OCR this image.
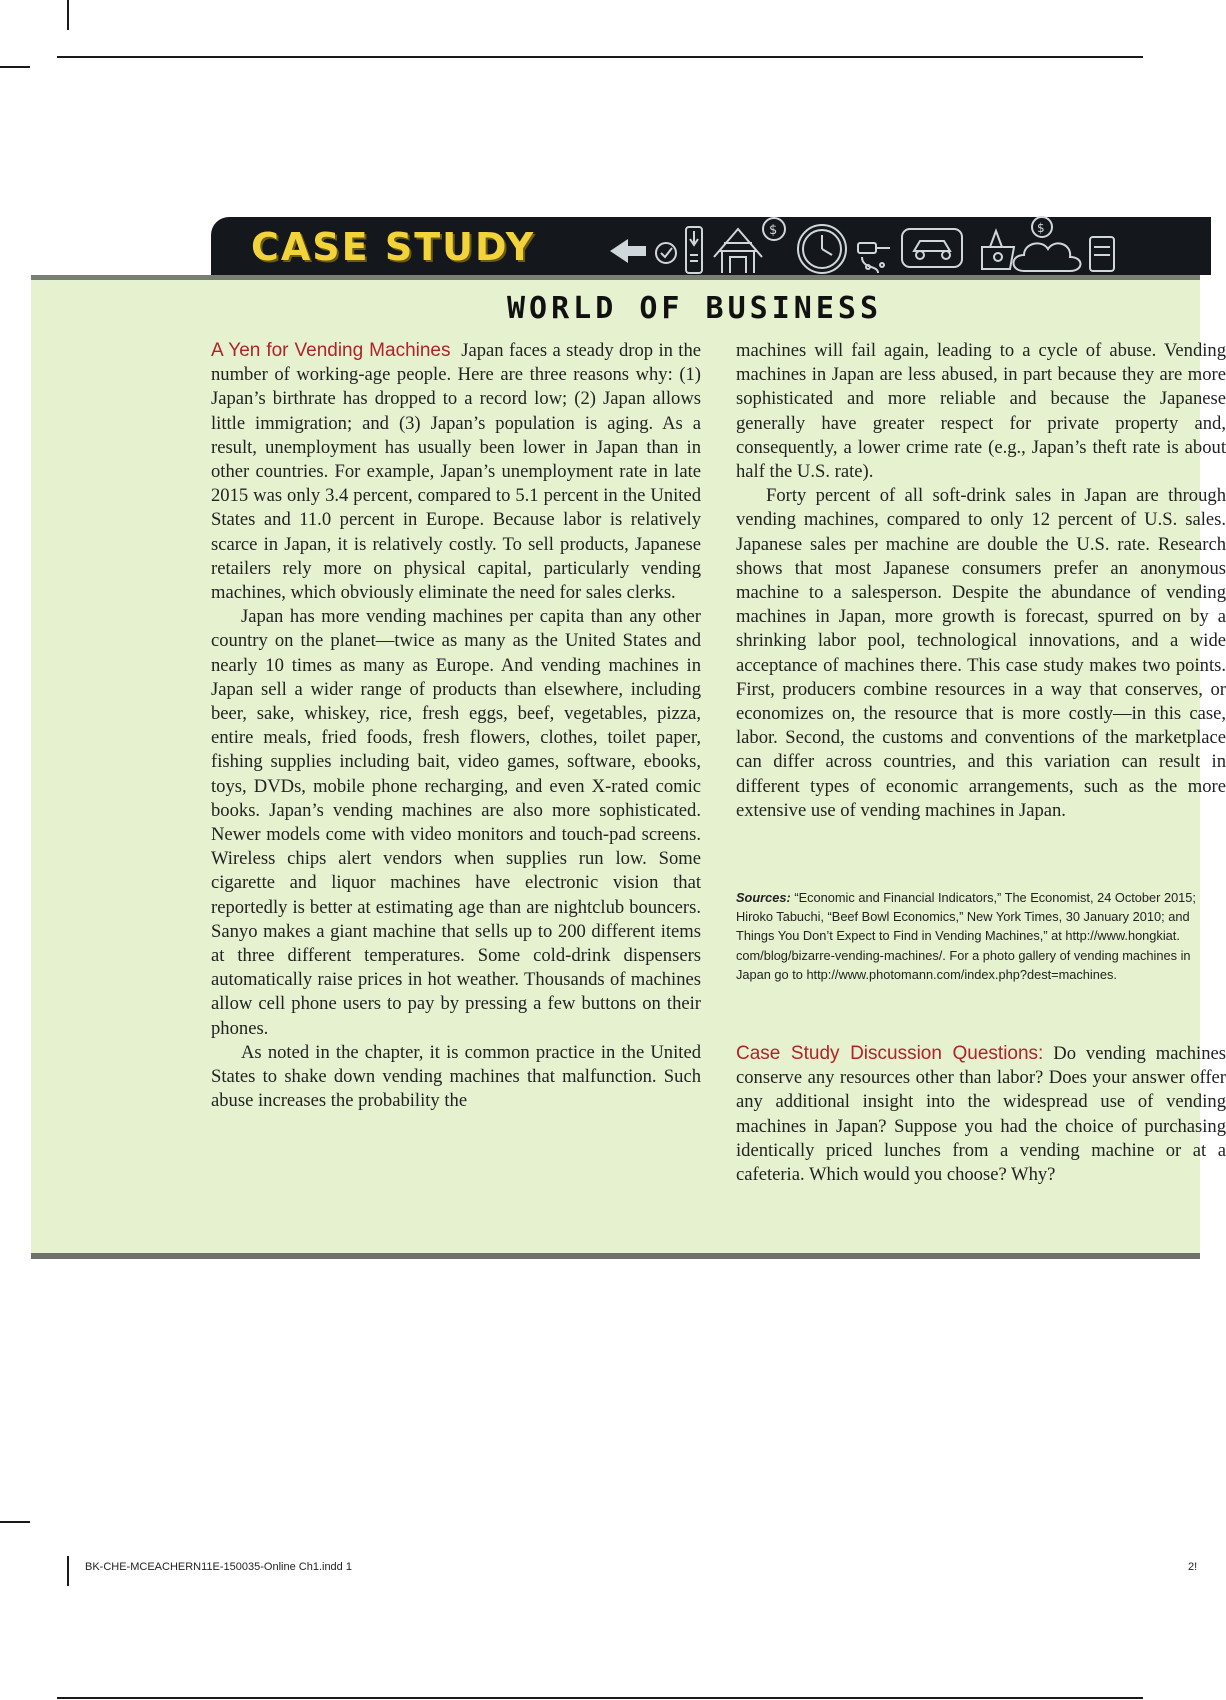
CASE STUDY	$	$
WORLD OF BUSINESS

A Yen for Vending Machines Japan faces a steady drop in the number of working-age people. Here are three reasons why: (1) Japan’s birthrate has dropped to a record low; (2) Japan allows little immigration; and (3) Japan’s population is aging. As a result, unemployment has usually been lower in Japan than in other countries. For example, Japan’s unemployment rate in late 2015 was only 3.4 percent, compared to 5.1 percent in the United States and 11.0 percent in Europe. Because labor is relatively scarce in Japan, it is relatively costly. To sell products, Japanese retailers rely more on physical capital, particularly vending machines, which obviously eliminate the need for sales clerks.

Japan has more vending machines per capita than any other country on the planet—twice as many as the United States and nearly 10 times as many as Europe. And vending machines in Japan sell a wider range of products than elsewhere, including beer, sake, whiskey, rice, fresh eggs, beef, vegetables, pizza, entire meals, fried foods, fresh flowers, clothes, toilet paper, fishing supplies including bait, video games, software, ebooks, toys, DVDs, mobile phone recharging, and even X-rated comic books. Japan’s vending machines are also more sophisticated. Newer models come with video monitors and touch-pad screens. Wireless chips alert vendors when supplies run low. Some cigarette and liquor machines have electronic vision that reportedly is better at estimating age than are nightclub bouncers. Sanyo makes a giant machine that sells up to 200 different items at three different temperatures. Some cold-drink dispensers automatically raise prices in hot weather. Thousands of machines allow cell phone users to pay by pressing a few buttons on their phones.

As noted in the chapter, it is common practice in the United States to shake down vending machines that malfunction. Such abuse increases the probability the

machines will fail again, leading to a cycle of abuse. Vending machines in Japan are less abused, in part because they are more sophisticated and more reliable and because the Japanese generally have greater respect for private property and, consequently, a lower crime rate (e.g., Japan’s theft rate is about half the U.S. rate).

Forty percent of all soft-drink sales in Japan are through vending machines, compared to only 12 percent of U.S. sales. Japanese sales per machine are double the U.S. rate. Research shows that most Japanese consumers prefer an anonymous machine to a salesperson. Despite the abundance of vending machines in Japan, more growth is forecast, spurred on by a shrinking labor pool, technological innovations, and a wide acceptance of machines there. This case study makes two points. First, producers combine resources in a way that conserves, or economizes on, the resource that is more costly—in this case, labor. Second, the customs and conventions of the marketplace can differ across countries, and this variation can result in different types of economic arrangements, such as the more extensive use of vending machines in Japan.

Sources: “Economic and Financial Indicators,” The Economist, 24 October 2015;
Hiroko Tabuchi, “Beef Bowl Economics,” New York Times, 30 January 2010; and
Things You Don’t Expect to Find in Vending Machines,” at http://www.hongkiat.
com/blog/bizarre-vending-machines/. For a photo gallery of vending machines in
Japan go to http://www.photomann.com/index.php?dest=machines.

Case Study Discussion Questions: Do vending machines conserve any resources other than labor? Does your answer offer any additional insight into the widespread use of vending machines in Japan? Suppose you had the choice of purchasing identically priced lunches from a vending machine or at a cafeteria. Which would you choose? Why?

BK-CHE-MCEACHERN11E-150035-Online Ch1.indd 1	2!
